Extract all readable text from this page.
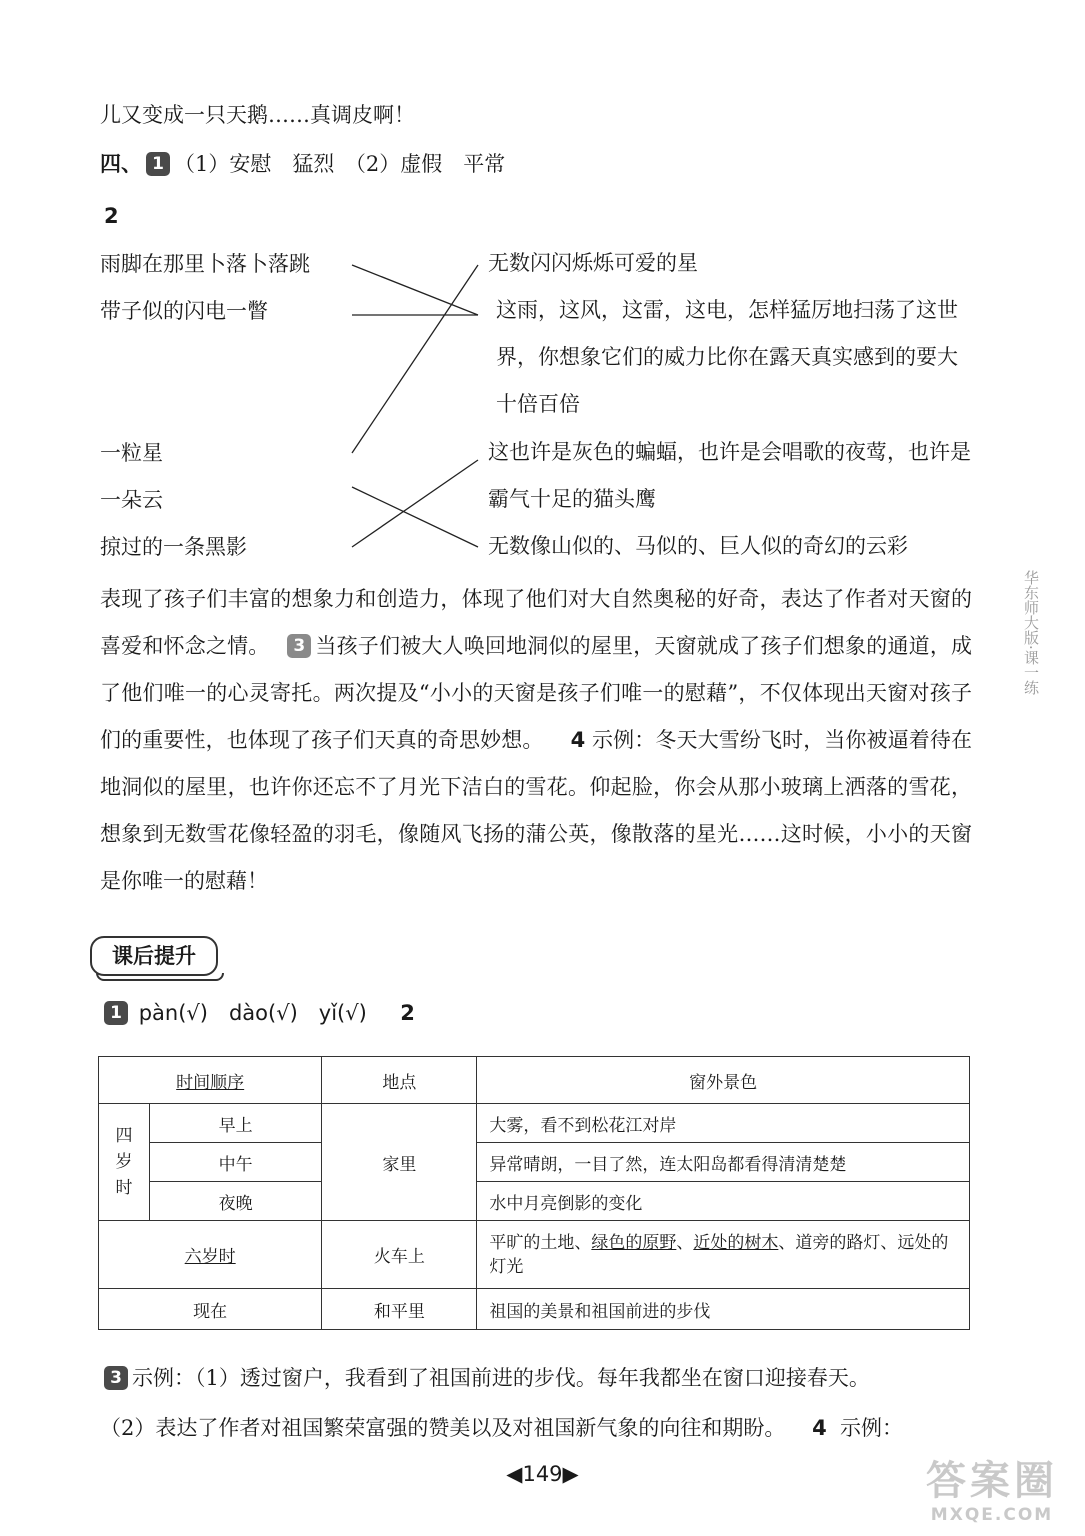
儿又变成一只天鹅……真调皮啊！
四、 1 （1）安慰　猛烈　（2）虚假　平常
2
雨脚在那里卜落卜落跳
带子似的闪电一瞥
一粒星
一朵云
掠过的一条黑影
无数闪闪烁烁可爱的星
这雨，这风，这雷，这电，怎样猛厉地扫荡了这世界，你想象它们的威力比你在露天真实感到的要大十倍百倍
这也许是灰色的蝙蝠，也许是会唱歌的夜莺，也许是霸气十足的猫头鹰
无数像山似的、马似的、巨人似的奇幻的云彩
表现了孩子们丰富的想象力和创造力，体现了他们对大自然奥秘的好奇，表达了作者对天窗的喜爱和怀念之情。 3 当孩子们被大人唤回地洞似的屋里，天窗就成了孩子们想象的通道，成了他们唯一的心灵寄托。两次提及“小小的天窗是孩子们唯一的慰藉”，不仅体现出天窗对孩子们的重要性，也体现了孩子们天真的奇思妙想。 4 示例：冬天大雪纷飞时，当你被逼着待在地洞似的屋里，也许你还忘不了月光下洁白的雪花。仰起脸，你会从那小玻璃上洒落的雪花，想象到无数雪花像轻盈的羽毛，像随风飞扬的蒲公英，像散落的星光……这时候，小小的天窗是你唯一的慰藉！
课后提升
1 pàn(√)　dào(√)　yǐ(√) 2
时间顺序		地点	窗外景色

四岁时	早上	家里	大雾，看不到松花江对岸
	中午		异常晴朗，一目了然，连太阳岛都看得清清楚楚
	夜晚		水中月亮倒影的变化
六岁时		火车上	平旷的土地、绿色的原野、近处的树木、道旁的路灯、远处的灯光
现在		和平里	祖国的美景和祖国前进的步伐
3 示例：（1）透过窗户，我看到了祖国前进的步伐。每年我都坐在窗口迎接春天。
（2）表达了作者对祖国繁荣富强的赞美以及对祖国新气象的向往和期盼。 4 示例：
◀149▶
华东师大版·课一练
答案圈
MXQE.COM
